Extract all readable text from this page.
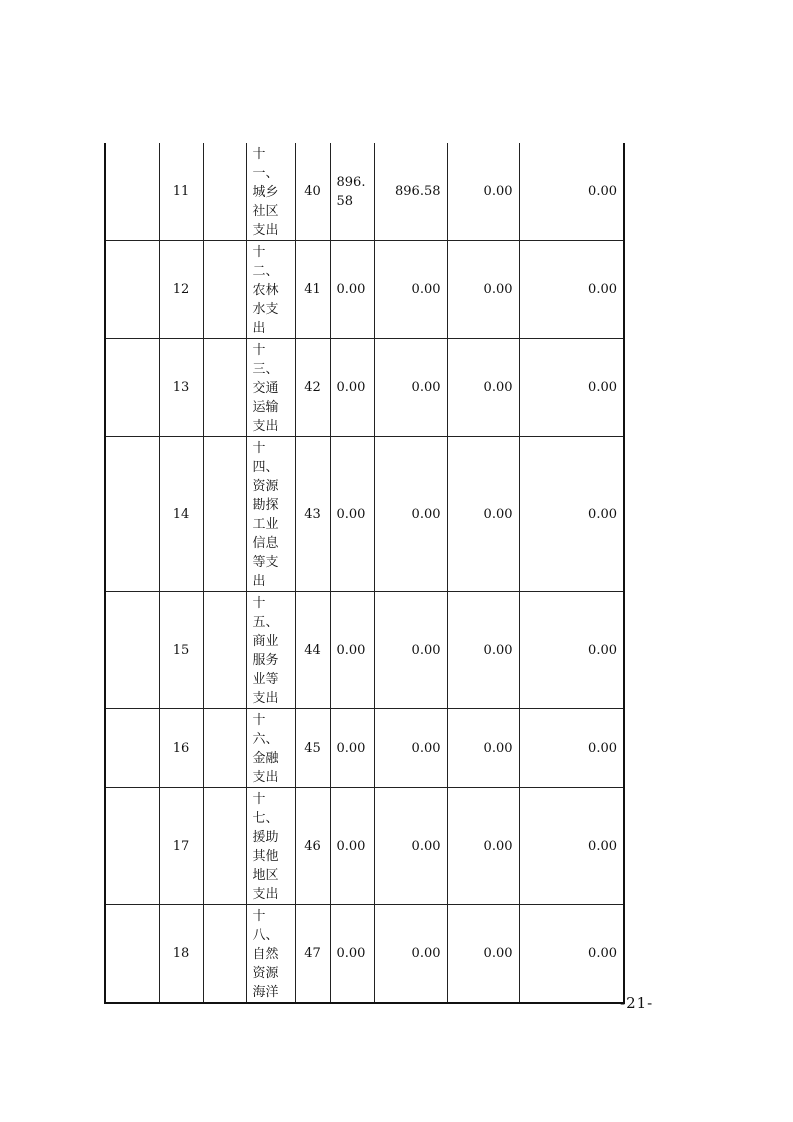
	11		十一、城乡社区支出	40	896.58	896.58	0.00	0.00
	12		十二、农林水支出	41	0.00	0.00	0.00	0.00
	13		十三、交通运输支出	42	0.00	0.00	0.00	0.00
	14		十四、资源勘探工业信息等支出	43	0.00	0.00	0.00	0.00
	15		十五、商业服务业等支出	44	0.00	0.00	0.00	0.00
	16		十六、金融支出	45	0.00	0.00	0.00	0.00
	17		十七、援助其他地区支出	46	0.00	0.00	0.00	0.00
	18		十八、自然资源海洋	47	0.00	0.00	0.00	0.00
-21-
